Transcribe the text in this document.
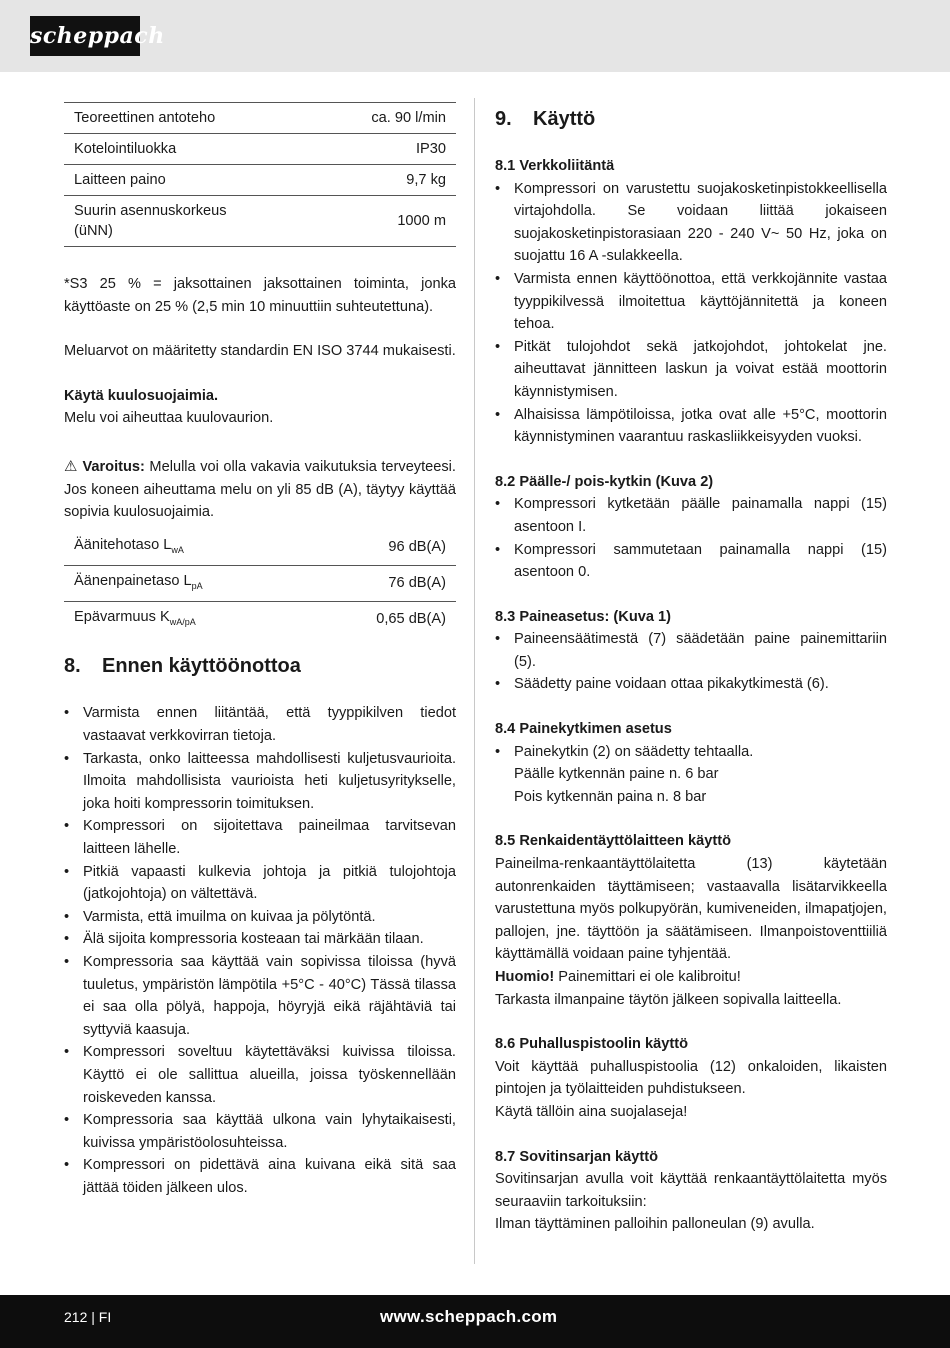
scheppach
Teoreettinen antoteho	ca. 90 l/min
Kotelointiluokka	IP30
Laitteen paino	9,7 kg
Suurin asennuskorkeus (üNN)	1000 m

*S3 25 % = jaksottainen jaksottainen toiminta, jonka käyttöaste on 25 % (2,5 min 10 minuuttiin suhteutettuna).

Meluarvot on määritetty standardin EN ISO 3744 mukaisesti.

Käytä kuulosuojaimia.

Melu voi aiheuttaa kuulovaurion.

⚠ Varoitus: Melulla voi olla vakavia vaikutuksia terveyteesi. Jos koneen aiheuttama melu on yli 85 dB (A), täytyy käyttää sopivia kuulosuojaimia.

Äänitehotaso $L_{wA}$	96 dB(A)
Äänenpainetaso $L_{pA}$	76 dB(A)
Epävarmuus $K_{wA/pA}$	0,65 dB(A)
8. Ennen käyttöönottoa
• Varmista ennen liitäntää, että tyyppikilven tiedot vastaavat verkkovirran tietoja.
• Tarkasta, onko laitteessa mahdollisesti kuljetusvaurioita. Ilmoita mahdollisista vaurioista heti kuljetusyritykselle, joka hoiti kompressorin toimituksen.
• Kompressori on sijoitettava paineilmaa tarvitsevan laitteen lähelle.
• Pitkiä vapaasti kulkevia johtoja ja pitkiä tulojohtoja (jatkojohtoja) on vältettävä.
• Varmista, että imuilma on kuivaa ja pölytöntä.
• Älä sijoita kompressoria kosteaan tai märkään tilaan.
• Kompressoria saa käyttää vain sopivissa tiloissa (hyvä tuuletus, ympäristön lämpötila +5°C - 40°C) Tässä tilassa ei saa olla pölyä, happoja, höyryjä eikä räjähtäviä tai syttyviä kaasuja.
• Kompressori soveltuu käytettäväksi kuivissa tiloissa. Käyttö ei ole sallittua alueilla, joissa työskennellään roiskeveden kanssa.
• Kompressoria saa käyttää ulkona vain lyhytaikaisesti, kuivissa ympäristöolosuhteissa.
• Kompressori on pidettävä aina kuivana eikä sitä saa jättää töiden jälkeen ulos.
9. Käyttö
8.1 Verkkoliitäntä
• Kompressori on varustettu suojakosketinpistokkeellisella virtajohdolla. Se voidaan liittää jokaiseen suojakosketinpistorasiaan 220 - 240 V~ 50 Hz, joka on suojattu 16 A -sulakkeella.
• Varmista ennen käyttöönottoa, että verkkojännite vastaa tyyppikilvessä ilmoitettua käyttöjännitettä ja koneen tehoa.
• Pitkät tulojohdot sekä jatkojohdot, johtokelat jne. aiheuttavat jännitteen laskun ja voivat estää moottorin käynnistymisen.
• Alhaisissa lämpötiloissa, jotka ovat alle +5°C, moottorin käynnistyminen vaarantuu raskasliikkeisyyden vuoksi.
8.2 Päälle-/ pois-kytkin (Kuva 2)
• Kompressori kytketään päälle painamalla nappi (15) asentoon I.
• Kompressori sammutetaan painamalla nappi (15) asentoon 0.
8.3 Paineasetus: (Kuva 1)
• Paineensäätimestä (7) säädetään paine painemittariin (5).
• Säädetty paine voidaan ottaa pikakytkimestä (6).
8.4 Painekytkimen asetus
• Painekytkin (2) on säädetty tehtaalla.
Päälle kytkennän paine n. 6 bar
Pois kytkennän paina n. 8 bar
8.5 Renkaidentäyttölaitteen käyttö

Paineilma-renkaantäyttölaitetta (13) käytetään autonrenkaiden täyttämiseen; vastaavalla lisätarvikkeella varustettuna myös polkupyörän, kumiveneiden, ilmapatjojen, pallojen, jne. täyttöön ja säätämiseen. Ilmanpoistoventtiiliä käyttämällä voidaan paine tyhjentää.

Huomio! Painemittari ei ole kalibroitu!

Tarkasta ilmanpaine täytön jälkeen sopivalla laitteella.

8.6 Puhalluspistoolin käyttö

Voit käyttää puhalluspistoolia (12) onkaloiden, likaisten pintojen ja työlaitteiden puhdistukseen.

Käytä tällöin aina suojalaseja!

8.7 Sovitinsarjan käyttö

Sovitinsarjan avulla voit käyttää renkaantäyttölaitetta myös seuraaviin tarkoituksiin:

Ilman täyttäminen palloihin palloneulan (9) avulla.

212 | FI	www.scheppach.com
